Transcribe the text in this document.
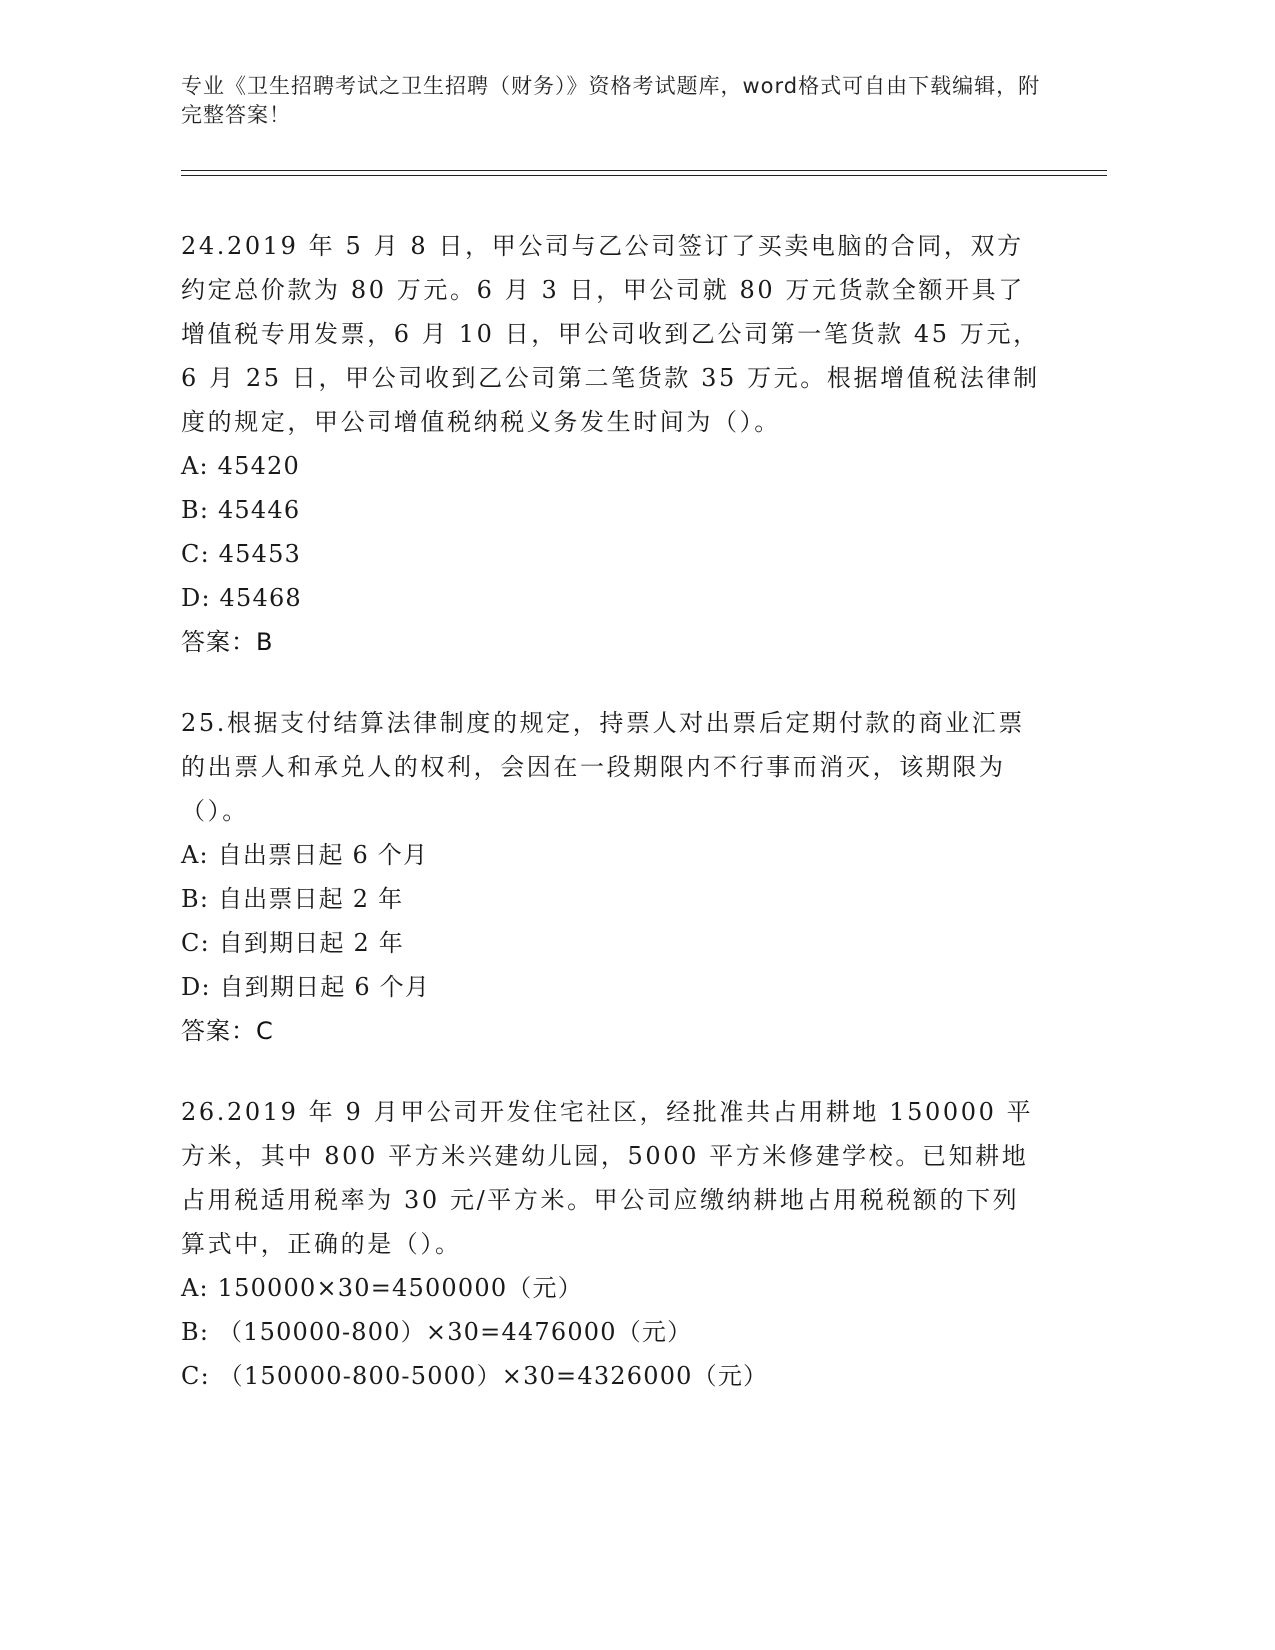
专业《卫生招聘考试之卫生招聘（财务）》资格考试题库，word格式可自由下载编辑，附完整答案！

24.2019 年 5 月 8 日，甲公司与乙公司签订了买卖电脑的合同，双方约定总价款为 80 万元。6 月 3 日，甲公司就 80 万元货款全额开具了增值税专用发票，6 月 10 日，甲公司收到乙公司第一笔货款 45 万元，6 月 25 日，甲公司收到乙公司第二笔货款 35 万元。根据增值税法律制度的规定，甲公司增值税纳税义务发生时间为（）。

A: 45420

B: 45446

C: 45453

D: 45468

答案：B

25.根据支付结算法律制度的规定，持票人对出票后定期付款的商业汇票的出票人和承兑人的权利，会因在一段期限内不行事而消灭，该期限为（）。

A: 自出票日起 6 个月

B: 自出票日起 2 年

C: 自到期日起 2 年

D: 自到期日起 6 个月

答案：C

26.2019 年 9 月甲公司开发住宅社区，经批准共占用耕地 150000 平方米，其中 800 平方米兴建幼儿园，5000 平方米修建学校。已知耕地占用税适用税率为 30 元/平方米。甲公司应缴纳耕地占用税税额的下列算式中，正确的是（）。

A: 150000×30=4500000（元）

B: （150000-800）×30=4476000（元）

C: （150000-800-5000）×30=4326000（元）
